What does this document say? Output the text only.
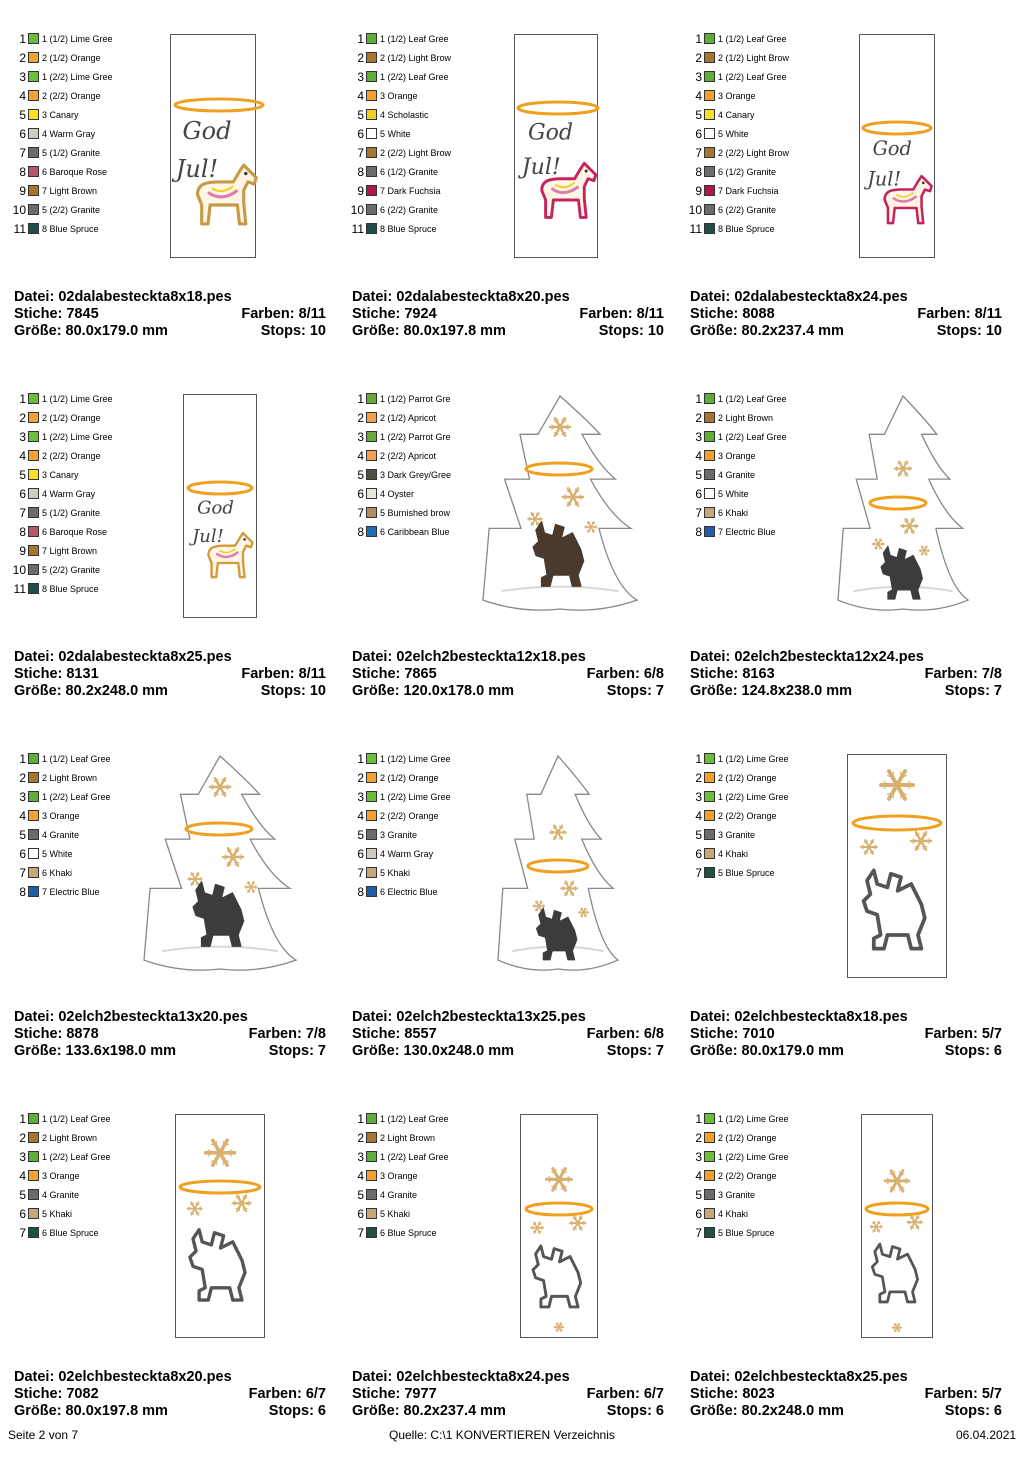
1 1 (1/2) Lime Gree
2 2 (1/2) Orange
3 1 (2/2) Lime Gree
4 2 (2/2) Orange
5 3 Canary
6 4 Warm Gray
7 5 (1/2) Granite
8 6 Baroque Rose
9 7 Light Brown
10 5 (2/2) Granite
11 8 Blue Spruce
God
Jul!
Datei: 02dalabesteckta8x18.pes
Stiche: 7845	Farben: 8/11
Größe: 80.0x179.0 mm	Stops: 10
1 1 (1/2) Leaf Gree
2 2 (1/2) Light Brow
3 1 (2/2) Leaf Gree
4 3 Orange
5 4 Scholastic
6 5 White
7 2 (2/2) Light Brow
8 6 (1/2) Granite
9 7 Dark Fuchsia
10 6 (2/2) Granite
11 8 Blue Spruce
God
Jul!
Datei: 02dalabesteckta8x20.pes
Stiche: 7924	Farben: 8/11
Größe: 80.0x197.8 mm	Stops: 10
1 1 (1/2) Leaf Gree
2 2 (1/2) Light Brow
3 1 (2/2) Leaf Gree
4 3 Orange
5 4 Canary
6 5 White
7 2 (2/2) Light Brow
8 6 (1/2) Granite
9 7 Dark Fuchsia
10 6 (2/2) Granite
11 8 Blue Spruce
God
Jul!
Datei: 02dalabesteckta8x24.pes
Stiche: 8088	Farben: 8/11
Größe: 80.2x237.4 mm	Stops: 10
1 1 (1/2) Lime Gree
2 2 (1/2) Orange
3 1 (2/2) Lime Gree
4 2 (2/2) Orange
5 3 Canary
6 4 Warm Gray
7 5 (1/2) Granite
8 6 Baroque Rose
9 7 Light Brown
10 5 (2/2) Granite
11 8 Blue Spruce
God
Jul!
Datei: 02dalabesteckta8x25.pes
Stiche: 8131	Farben: 8/11
Größe: 80.2x248.0 mm	Stops: 10
1 1 (1/2) Parrot Gre
2 2 (1/2) Apricot
3 1 (2/2) Parrot Gre
4 2 (2/2) Apricot
5 3 Dark Grey/Gree
6 4 Oyster
7 5 Burnished brow
8 6 Caribbean Blue
Datei: 02elch2besteckta12x18.pes
Stiche: 7865	Farben: 6/8
Größe: 120.0x178.0 mm	Stops: 7
1 1 (1/2) Leaf Gree
2 2 Light Brown
3 1 (2/2) Leaf Gree
4 3 Orange
5 4 Granite
6 5 White
7 6 Khaki
8 7 Electric Blue
Datei: 02elch2besteckta12x24.pes
Stiche: 8163	Farben: 7/8
Größe: 124.8x238.0 mm	Stops: 7
1 1 (1/2) Leaf Gree
2 2 Light Brown
3 1 (2/2) Leaf Gree
4 3 Orange
5 4 Granite
6 5 White
7 6 Khaki
8 7 Electric Blue
Datei: 02elch2besteckta13x20.pes
Stiche: 8878	Farben: 7/8
Größe: 133.6x198.0 mm	Stops: 7
1 1 (1/2) Lime Gree
2 2 (1/2) Orange
3 1 (2/2) Lime Gree
4 2 (2/2) Orange
5 3 Granite
6 4 Warm Gray
7 5 Khaki
8 6 Electric Blue
Datei: 02elch2besteckta13x25.pes
Stiche: 8557	Farben: 6/8
Größe: 130.0x248.0 mm	Stops: 7
1 1 (1/2) Lime Gree
2 2 (1/2) Orange
3 1 (2/2) Lime Gree
4 2 (2/2) Orange
5 3 Granite
6 4 Khaki
7 5 Blue Spruce
Datei: 02elchbesteckta8x18.pes
Stiche: 7010	Farben: 5/7
Größe: 80.0x179.0 mm	Stops: 6
1 1 (1/2) Leaf Gree
2 2 Light Brown
3 1 (2/2) Leaf Gree
4 3 Orange
5 4 Granite
6 5 Khaki
7 6 Blue Spruce
Datei: 02elchbesteckta8x20.pes
Stiche: 7082	Farben: 6/7
Größe: 80.0x197.8 mm	Stops: 6
1 1 (1/2) Leaf Gree
2 2 Light Brown
3 1 (2/2) Leaf Gree
4 3 Orange
5 4 Granite
6 5 Khaki
7 6 Blue Spruce
Datei: 02elchbesteckta8x24.pes
Stiche: 7977	Farben: 6/7
Größe: 80.2x237.4 mm	Stops: 6
1 1 (1/2) Lime Gree
2 2 (1/2) Orange
3 1 (2/2) Lime Gree
4 2 (2/2) Orange
5 3 Granite
6 4 Khaki
7 5 Blue Spruce
Datei: 02elchbesteckta8x25.pes
Stiche: 8023	Farben: 5/7
Größe: 80.2x248.0 mm	Stops: 6
Seite 2 von 7	Quelle: C:\1 KONVERTIEREN Verzeichnis	06.04.2021
